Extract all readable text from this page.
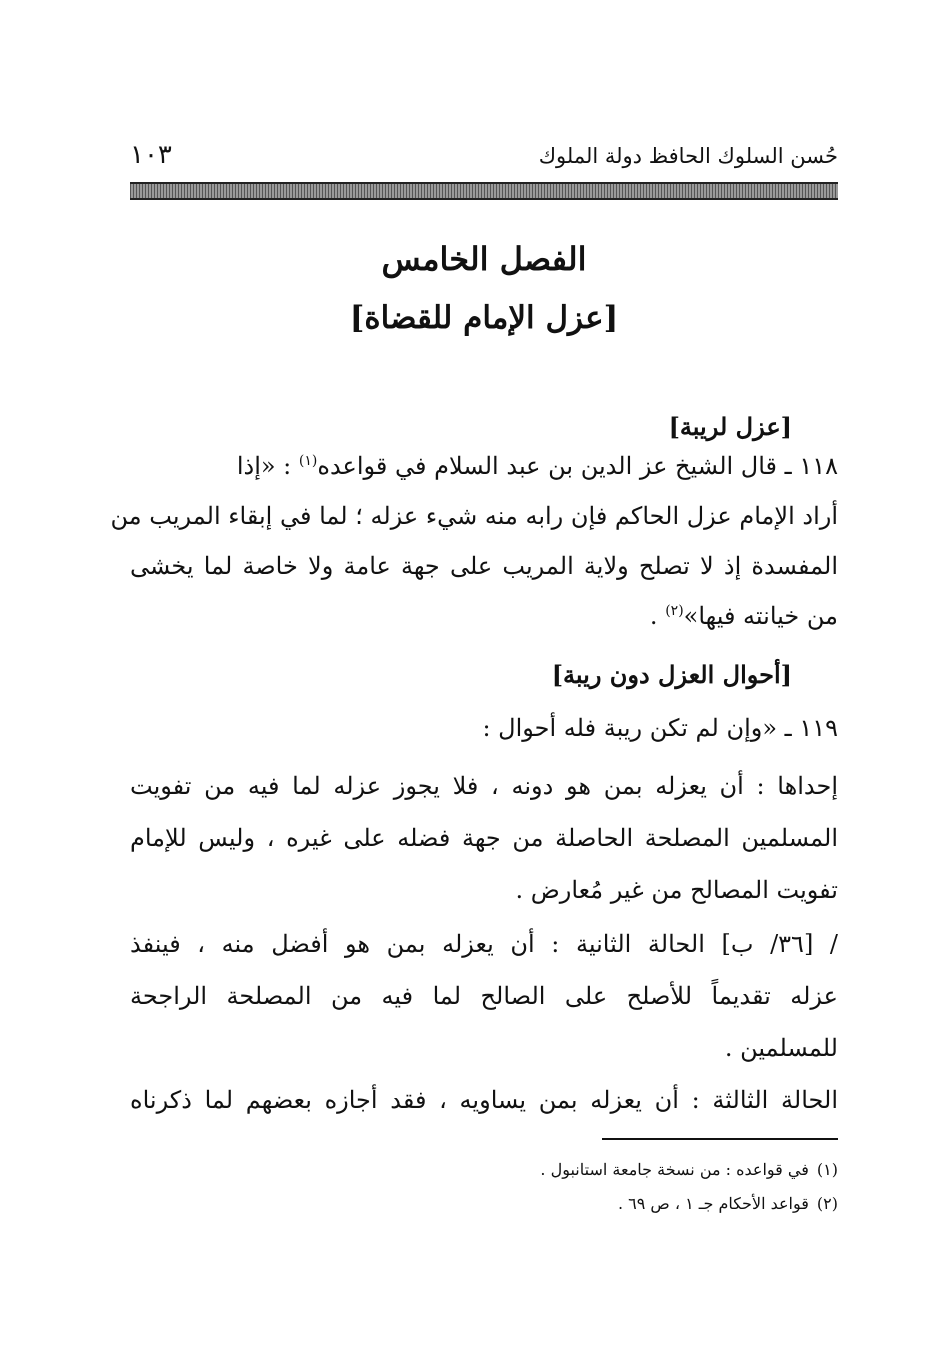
حُسن السلوك الحافظ دولة الملوك
١٠٣
الفصل الخامس
[عزل الإمام للقضاة]
[عزل لريبة]
١١٨ ـ قال الشيخ عز الدين بن عبد السلام في قواعده$^{(١)}$ : «إذا
أراد الإمام عزل الحاكم فإن رابه منه شيء عزله ؛ لما في إبقاء المريب من
المفسدة إذ لا تصلح ولاية المريب على جهة عامة ولا خاصة لما يخشى
من خيانته فيها»$^{(٢)}$ .
[أحوال العزل دون ريبة]
١١٩ ـ «وإن لم تكن ريبة فله أحوال :
إحداها : أن يعزله بمن هو دونه ، فلا يجوز عزله لما فيه من تفويت
المسلمين المصلحة الحاصلة من جهة فضله على غيره ، وليس للإمام
تفويت المصالح من غير مُعارض .
/ [٣٦/ ب] الحالة الثانية : أن يعزله بمن هو أفضل منه ، فينفذ
عزله تقديماً للأصلح على الصالح لما فيه من المصلحة الراجحة
للمسلمين .
الحالة الثالثة : أن يعزله بمن يساويه ، فقد أجازه بعضهم لما ذكرناه
(١)في قواعده : من نسخة جامعة استانبول .
(٢)قواعد الأحكام جـ ١ ، ص ٦٩ .
